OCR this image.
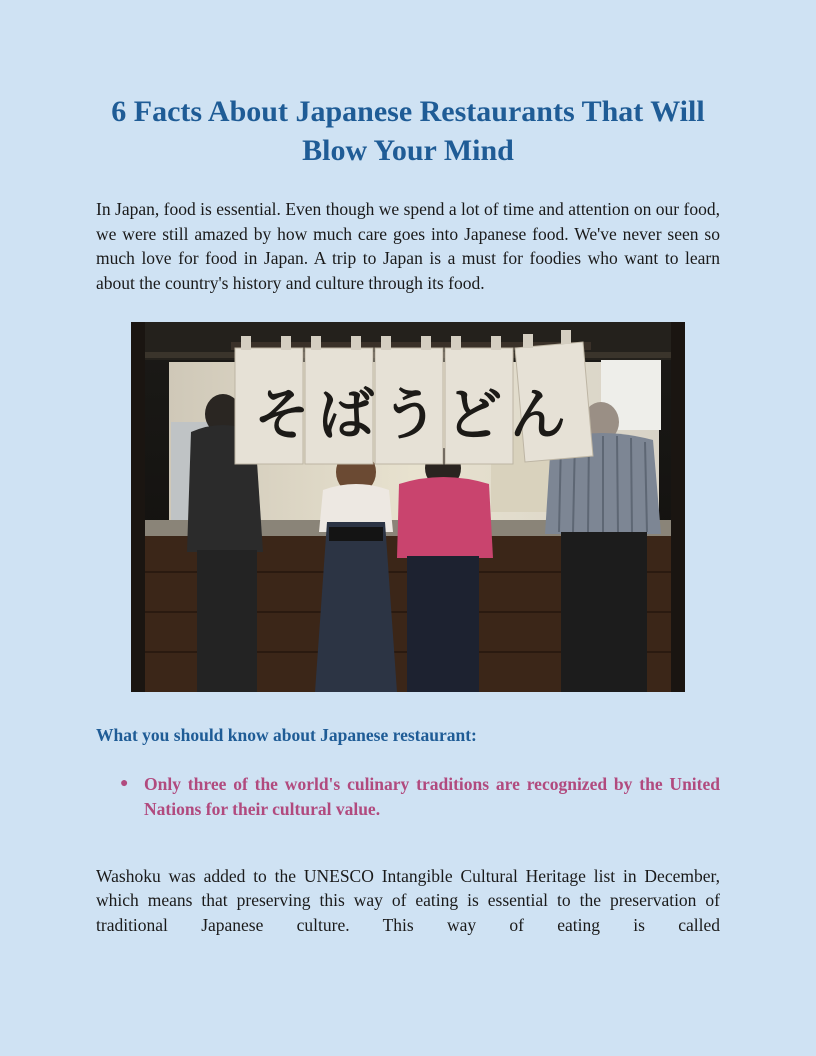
6 Facts About Japanese Restaurants That Will Blow Your Mind

In Japan, food is essential. Even though we spend a lot of time and attention on our food, we were still amazed by how much care goes into Japanese food. We've never seen so much love for food in Japan. A trip to Japan is a must for foodies who want to learn about the country's history and culture through its food.

そばうどん
What you should know about Japanese restaurant:
● Only three of the world's culinary traditions are recognized by the United Nations for their cultural value.

Washoku was added to the UNESCO Intangible Cultural Heritage list in December, which means that preserving this way of eating is essential to the preservation of traditional Japanese culture. This way of eating is called
